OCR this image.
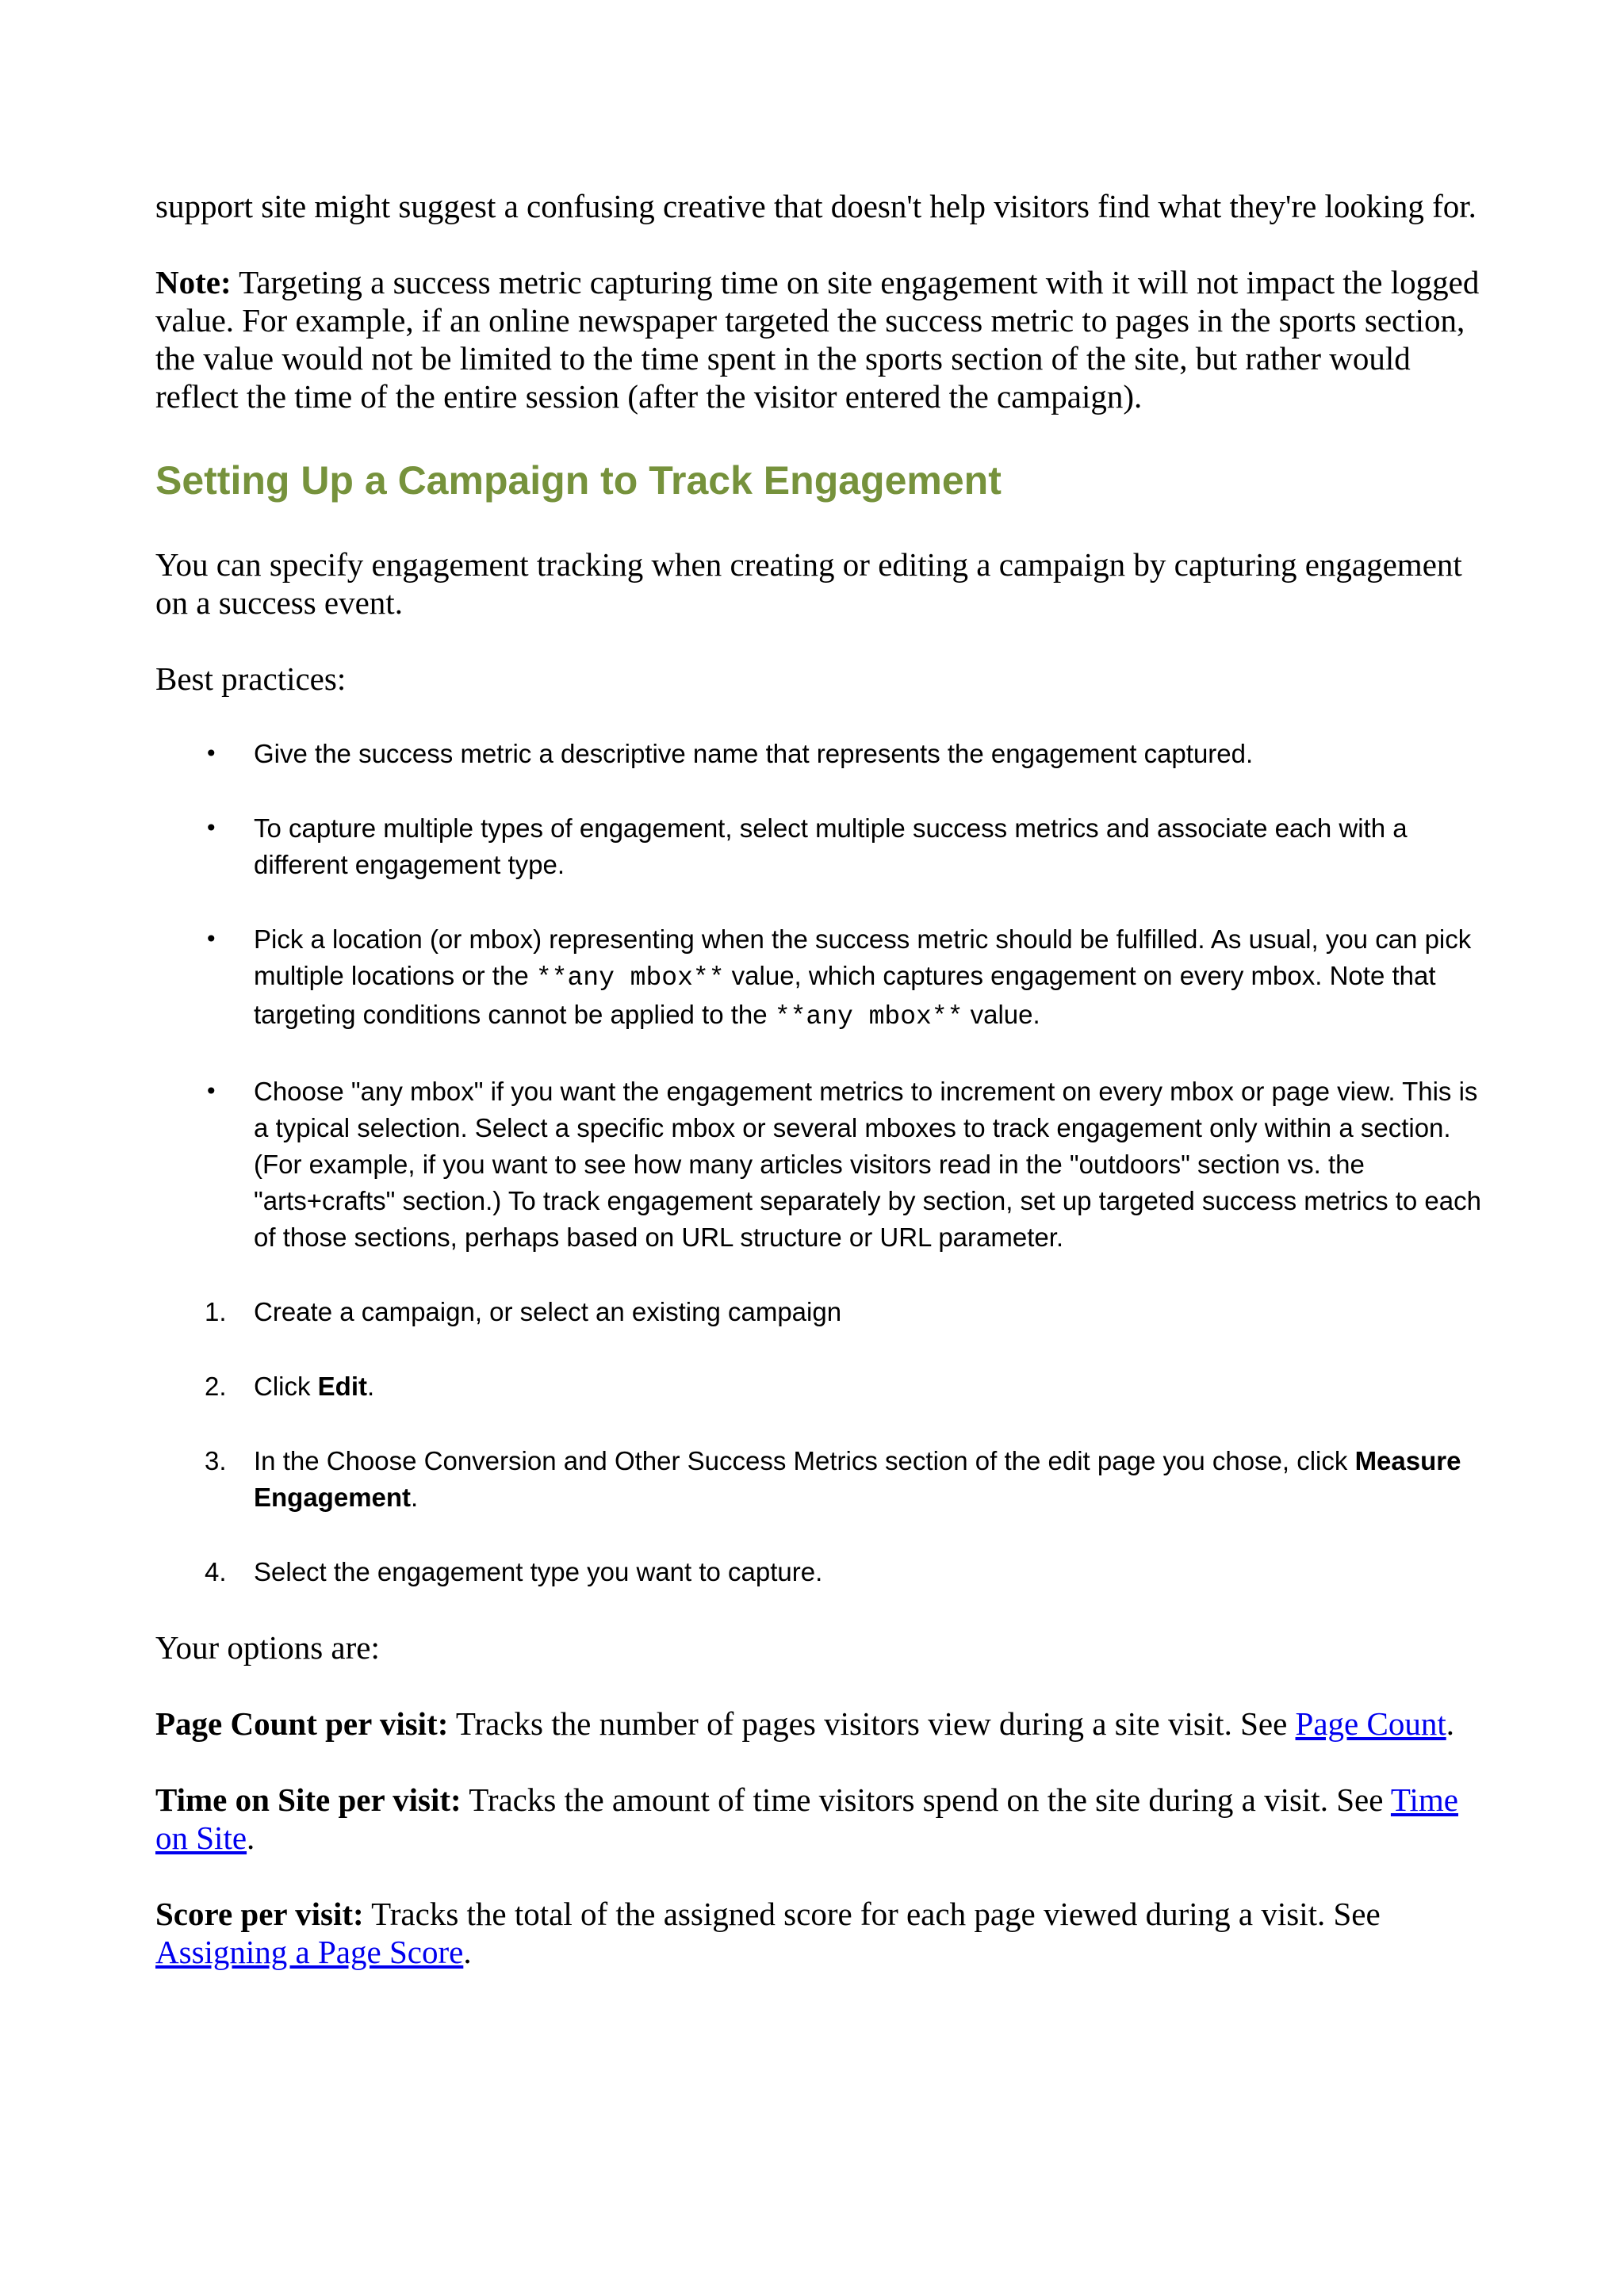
support site might suggest a confusing creative that doesn't help visitors find what they're looking for.

Note: Targeting a success metric capturing time on site engagement with it will not impact the logged value. For example, if an online newspaper targeted the success metric to pages in the sports section, the value would not be limited to the time spent in the sports section of the site, but rather would reflect the time of the entire session (after the visitor entered the campaign).

Setting Up a Campaign to Track Engagement

You can specify engagement tracking when creating or editing a campaign by capturing engagement on a success event.

Best practices:

• Give the success metric a descriptive name that represents the engagement captured.
• To capture multiple types of engagement, select multiple success metrics and associate each with a different engagement type.
• Pick a location (or mbox) representing when the success metric should be fulfilled. As usual, you can pick multiple locations or the **any mbox** value, which captures engagement on every mbox. Note that targeting conditions cannot be applied to the **any mbox** value.
• Choose "any mbox" if you want the engagement metrics to increment on every mbox or page view. This is a typical selection. Select a specific mbox or several mboxes to track engagement only within a section. (For example, if you want to see how many articles visitors read in the "outdoors" section vs. the "arts+crafts" section.) To track engagement separately by section, set up targeted success metrics to each of those sections, perhaps based on URL structure or URL parameter.
1. Create a campaign, or select an existing campaign
2. Click Edit.
3. In the Choose Conversion and Other Success Metrics section of the edit page you chose, click Measure Engagement.
4. Select the engagement type you want to capture.

Your options are:

Page Count per visit: Tracks the number of pages visitors view during a site visit. See Page Count.

Time on Site per visit: Tracks the amount of time visitors spend on the site during a visit. See Time on Site.

Score per visit: Tracks the total of the assigned score for each page viewed during a visit. See Assigning a Page Score.
